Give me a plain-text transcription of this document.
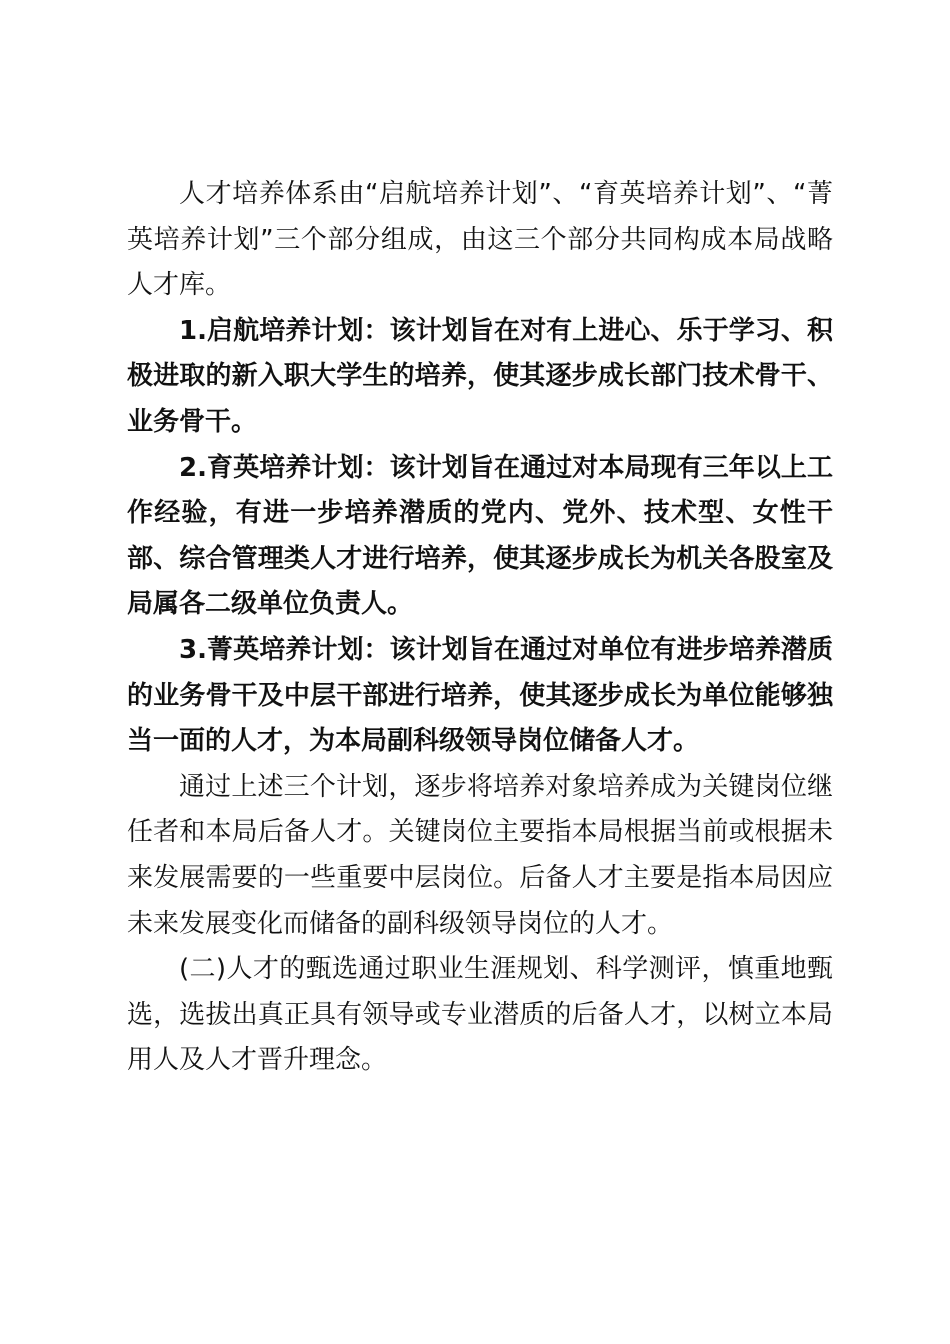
人才培养体系由“启航培养计划”、“育英培养计划”、“菁英培养计划”三个部分组成，由这三个部分共同构成本局战略人才库。

1.启航培养计划：该计划旨在对有上进心、乐于学习、积极进取的新入职大学生的培养，使其逐步成长部门技术骨干、业务骨干。

2.育英培养计划：该计划旨在通过对本局现有三年以上工作经验，有进一步培养潜质的党内、党外、技术型、女性干部、综合管理类人才进行培养，使其逐步成长为机关各股室及局属各二级单位负责人。

3.菁英培养计划：该计划旨在通过对单位有进步培养潜质的业务骨干及中层干部进行培养，使其逐步成长为单位能够独当一面的人才，为本局副科级领导岗位储备人才。

通过上述三个计划，逐步将培养对象培养成为关键岗位继任者和本局后备人才。关键岗位主要指本局根据当前或根据未来发展需要的一些重要中层岗位。后备人才主要是指本局因应未来发展变化而储备的副科级领导岗位的人才。

(二)人才的甄选通过职业生涯规划、科学测评，慎重地甄选，选拔出真正具有领导或专业潜质的后备人才，以树立本局用人及人才晋升理念。
